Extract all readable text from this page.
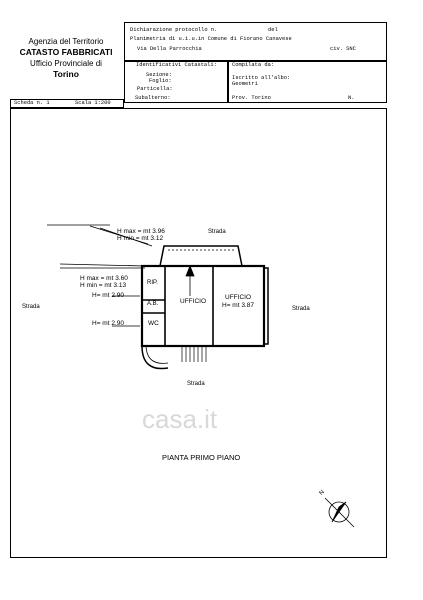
Agenzia del Territorio
CATASTO FABBRICATI
Ufficio Provinciale di
Torino
Dichiarazione protocollo n.	del
Planimetria di u.i.u.in Comune di Fiorano Canavese
Via Della Parrocchia	civ. SNC
Identificativi Catastali:
Sezione:
Foglio:
Particella:
Subalterno:
Compilata da:
Iscritto all'albo:
Geometri
Prov. Torino	N.
Scheda n. 1	Scala 1:200
H max = mt 3.96
H min = mt 3.12
Strada
H max = mt 3.60
H min = mt 3.13
H= mt 2.90
H= mt 2.90
Strada	Strada
Strada
RIP.
A.B.
WC
UFFICIO
UFFICIO
H= mt 3.87
PIANTA PRIMO PIANO
N
casa.it
